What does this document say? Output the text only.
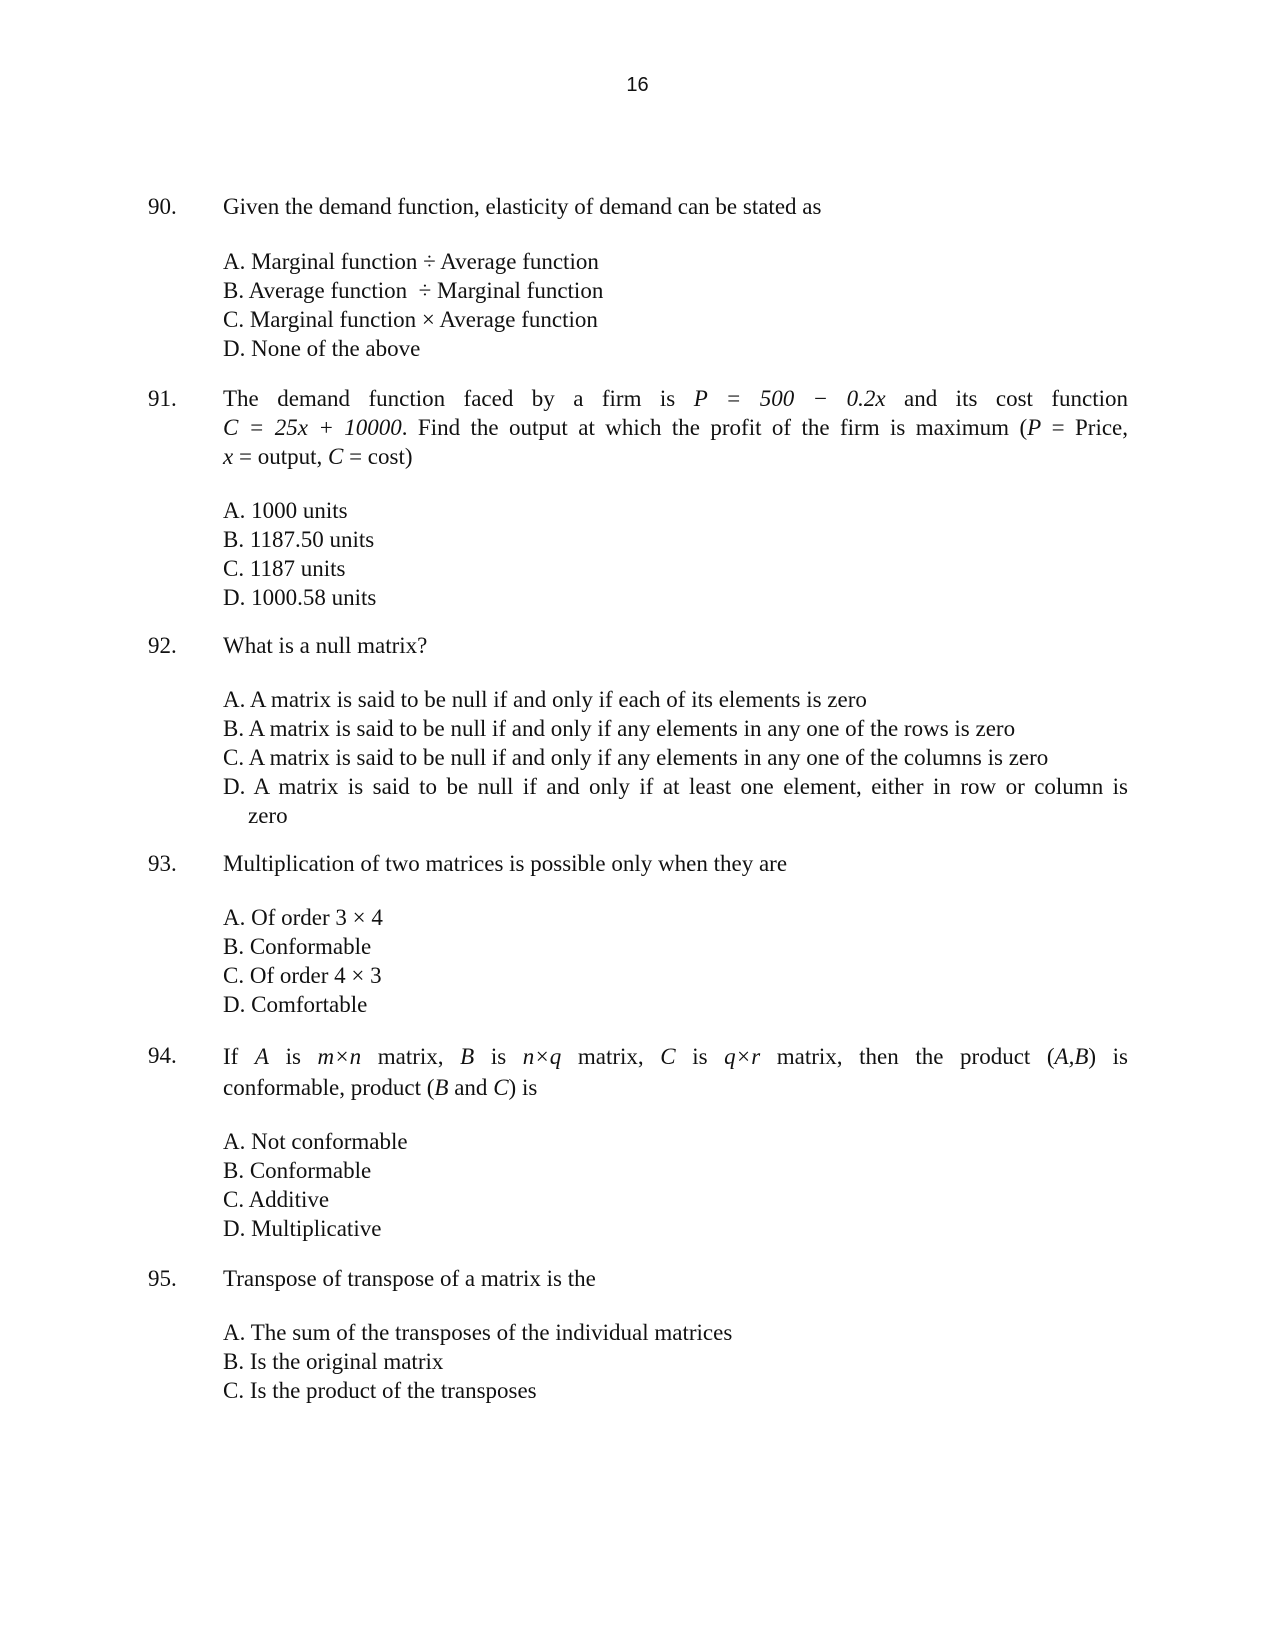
16
90. Given the demand function, elasticity of demand can be stated as
A. Marginal function ÷ Average function
B. Average function  ÷ Marginal function
C. Marginal function × Average function
D. None of the above
91. The demand function faced by a firm is P = 500 − 0.2x and its cost function
C = 25x + 10000. Find the output at which the profit of the firm is maximum (P = Price,
x = output, C = cost)
A. 1000 units
B. 1187.50 units
C. 1187 units
D. 1000.58 units
92. What is a null matrix?
A. A matrix is said to be null if and only if each of its elements is zero
B. A matrix is said to be null if and only if any elements in any one of the rows is zero
C. A matrix is said to be null if and only if any elements in any one of the columns is zero
D. A matrix is said to be null if and only if at least one element, either in row or column is
zero
93. Multiplication of two matrices is possible only when they are
A. Of order 3 × 4
B. Conformable
C. Of order 4 × 3
D. Comfortable
94. If A is m×n matrix, B is n×q matrix, C is q×r matrix, then the product (A,B) is
conformable, product (B and C) is
A. Not conformable
B. Conformable
C. Additive
D. Multiplicative
95. Transpose of transpose of a matrix is the
A. The sum of the transposes of the individual matrices
B. Is the original matrix
C. Is the product of the transposes
